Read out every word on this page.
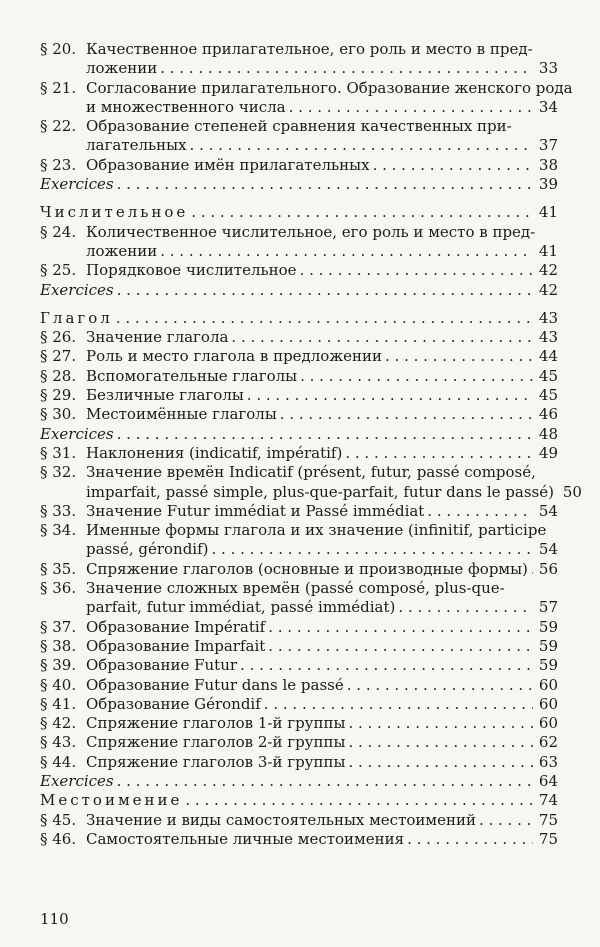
§ 20. Качественное прилагательное, его роль и место в пред-
ложении . . .	33
§ 21. Согласование прилагательного. Образование женского рода
и множественного числа . . .	34
§ 22. Образование степеней сравнения качественных при-
лагательных . . .	37
§ 23. Образование имён прилагательных . . .	38
Exercices . . .	39
Числительное . . .	41
§ 24. Количественное числительное, его роль и место в пред-
ложении . . .	41
§ 25. Порядковое числительное . . .	42
Exercices . . .	42
Глагол . . .	43
§ 26. Значение глагола . . .	43
§ 27. Роль и место глагола в предложении . . .	44
§ 28. Вспомогательные глаголы . . .	45
§ 29. Безличные глаголы . . .	45
§ 30. Местоимённые глаголы . . .	46
Exercices . . .	48
§ 31. Наклонения (indicatif, impératif) . . .	49
§ 32. Значение времён Indicatif (présent, futur, passé composé,
imparfait, passé simple, plus-que-parfait, futur dans le passé) 50
§ 33. Значение Futur immédiat и Passé immédiat . . .	54
§ 34. Именные формы глагола и их значение (infinitif, participe
passé, gérondif) . . .	54
§ 35. Спряжение глаголов (основные и производные формы) . . . 56
§ 36. Значение сложных времён (passé composé, plus-que-
parfait, futur immédiat, passé immédiat) . . .	57
§ 37. Образование Impératif . . .	59
§ 38. Образование Imparfait . . .	59
§ 39. Образование Futur . . .	59
§ 40. Образование Futur dans le passé . . .	60
§ 41. Образование Gérondif . . .	60
§ 42. Спряжение глаголов 1-й группы . . .	60
§ 43. Спряжение глаголов 2-й группы . . .	62
§ 44. Спряжение глаголов 3-й группы . . .	63
Exercices . . .	64
Местоимение . . .	74
§ 45. Значение и виды самостоятельных местоимений . . .	75
§ 46. Самостоятельные личные местоимения . . .	75
110
